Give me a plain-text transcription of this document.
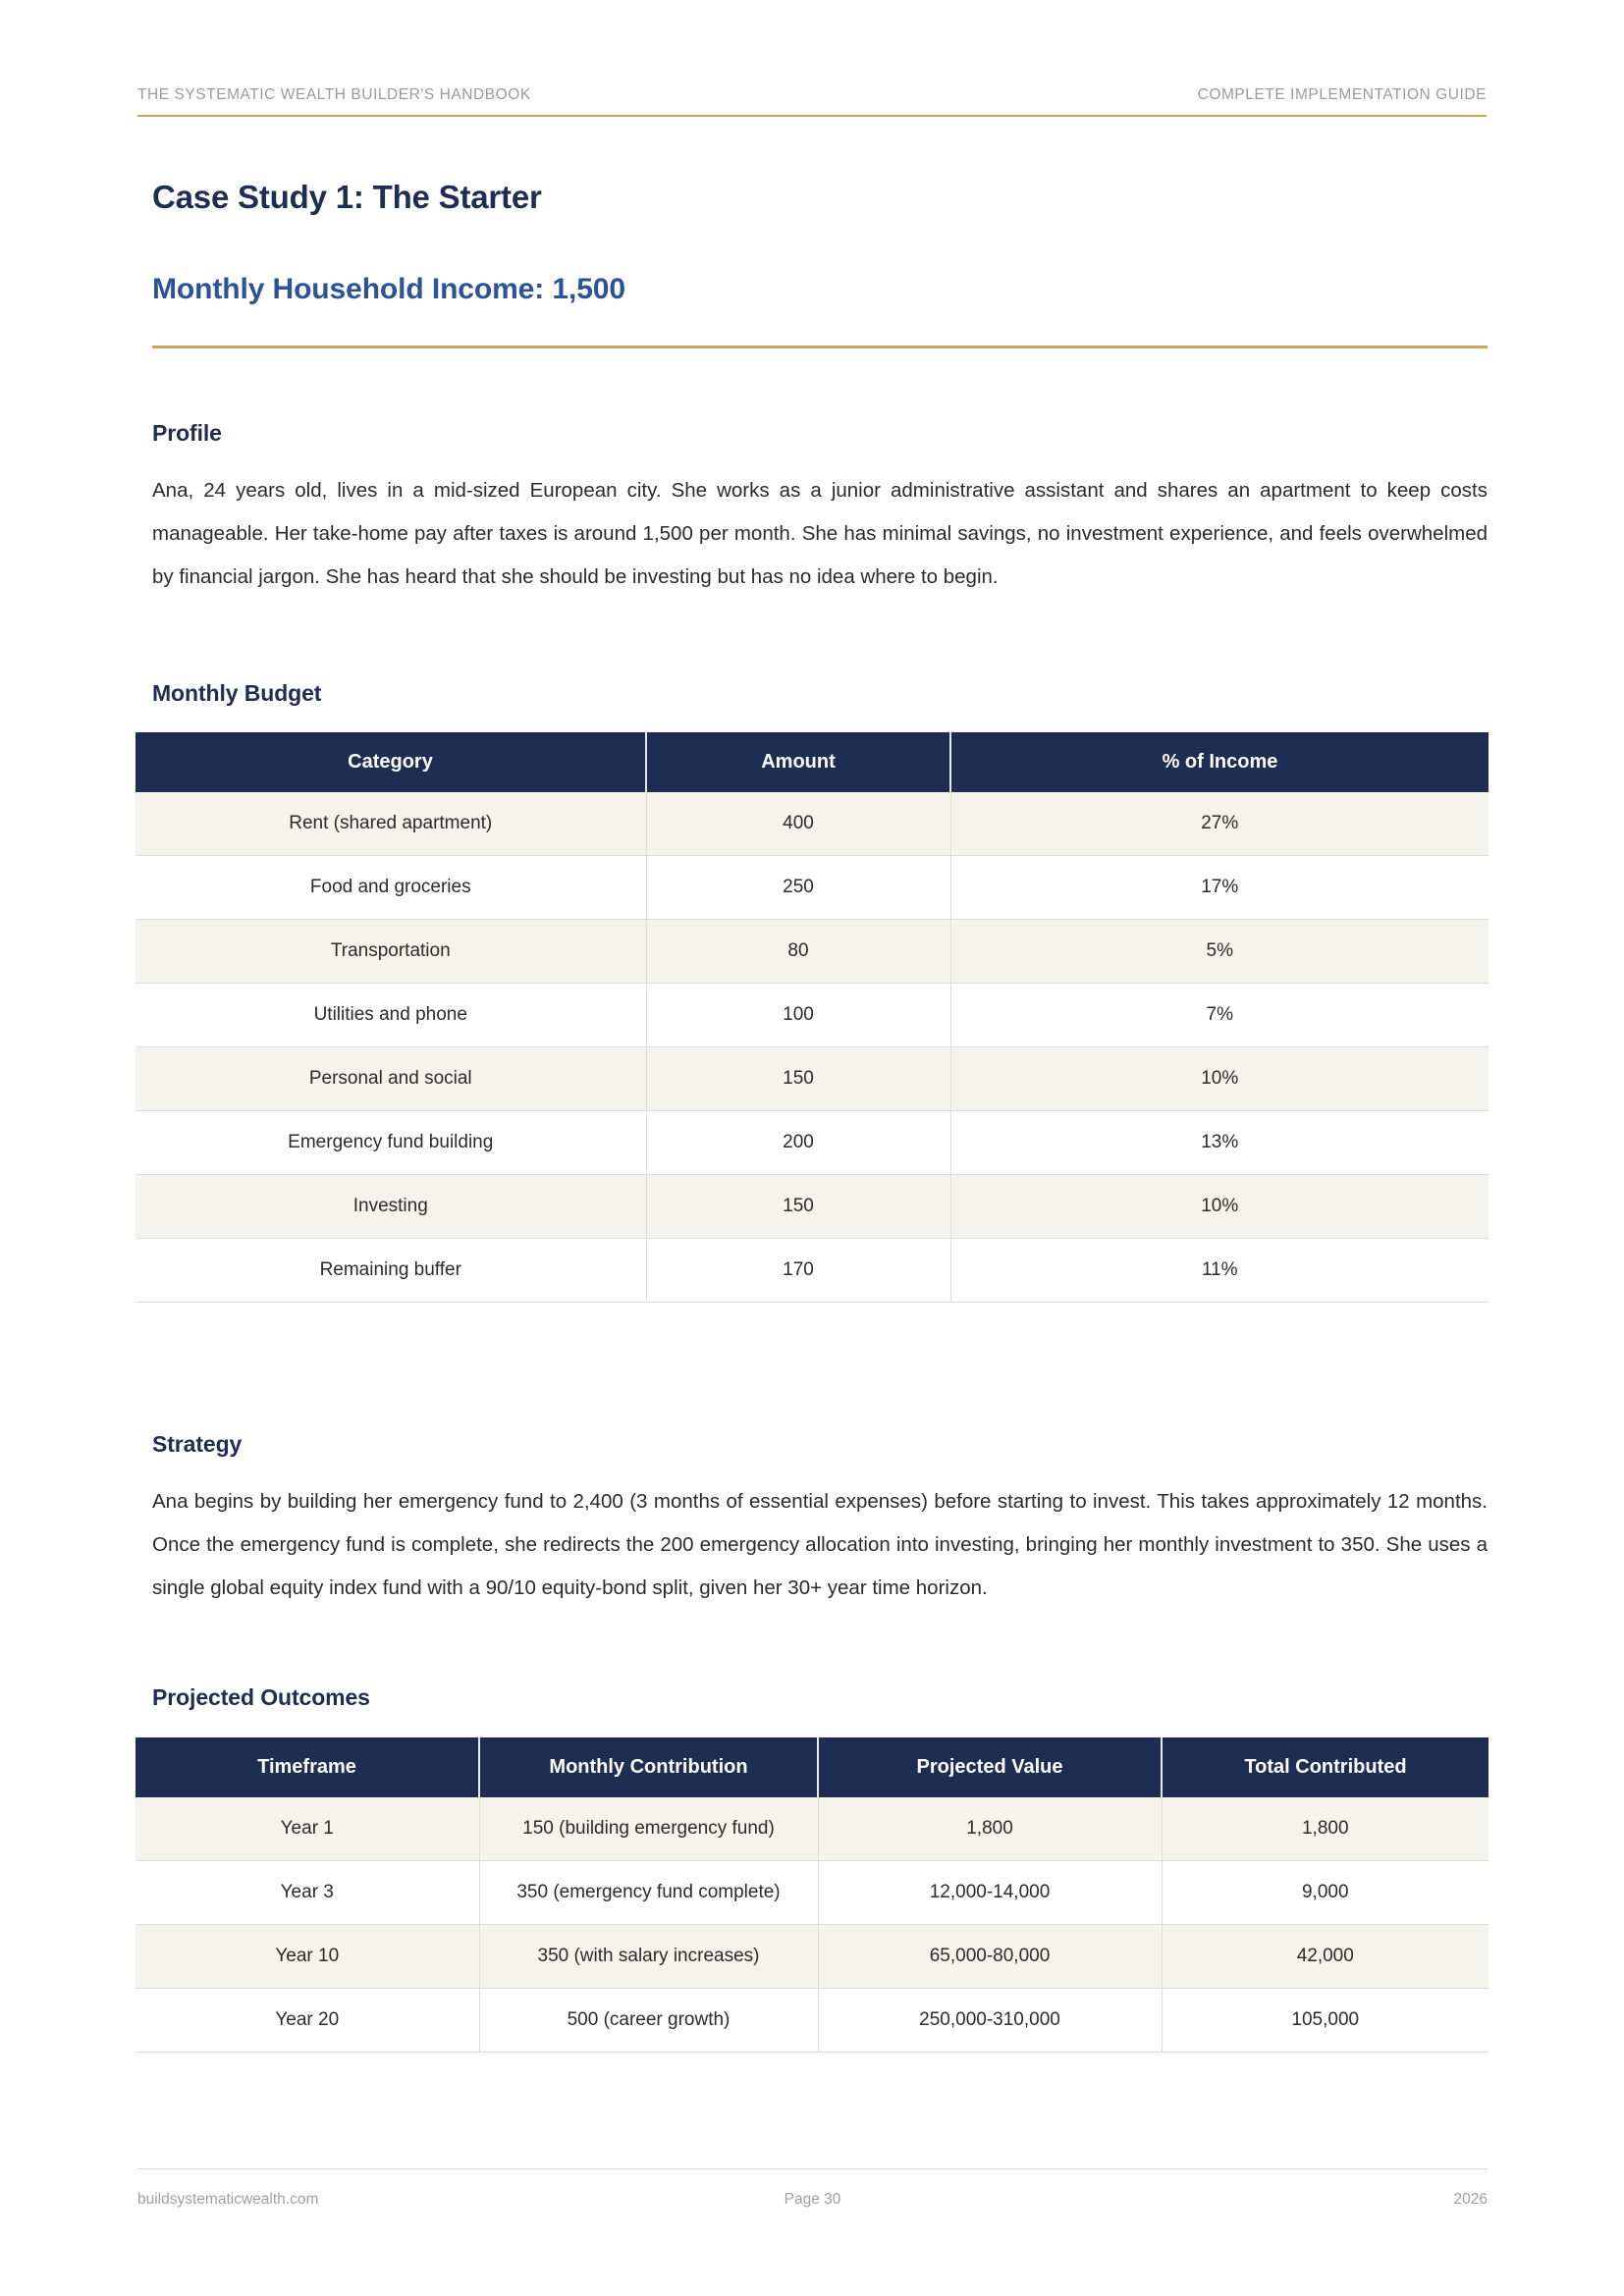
THE SYSTEMATIC WEALTH BUILDER'S HANDBOOK	COMPLETE IMPLEMENTATION GUIDE
Case Study 1: The Starter
Monthly Household Income: 1,500
Profile

Ana, 24 years old, lives in a mid-sized European city. She works as a junior administrative assistant and shares an apartment to keep costs manageable. Her take-home pay after taxes is around 1,500 per month. She has minimal savings, no investment experience, and feels overwhelmed by financial jargon. She has heard that she should be investing but has no idea where to begin.

Monthly Budget
Category	Amount	% of Income
Rent (shared apartment)	400	27%
Food and groceries	250	17%
Transportation	80	5%
Utilities and phone	100	7%
Personal and social	150	10%
Emergency fund building	200	13%
Investing	150	10%
Remaining buffer	170	11%
Strategy

Ana begins by building her emergency fund to 2,400 (3 months of essential expenses) before starting to invest. This takes approximately 12 months. Once the emergency fund is complete, she redirects the 200 emergency allocation into investing, bringing her monthly investment to 350. She uses a single global equity index fund with a 90/10 equity-bond split, given her 30+ year time horizon.

Projected Outcomes
Timeframe	Monthly Contribution	Projected Value	Total Contributed
Year 1	150 (building emergency fund)	1,800	1,800
Year 3	350 (emergency fund complete)	12,000-14,000	9,000
Year 10	350 (with salary increases)	65,000-80,000	42,000
Year 20	500 (career growth)	250,000-310,000	105,000
buildsystematicwealth.com	Page 30	2026
